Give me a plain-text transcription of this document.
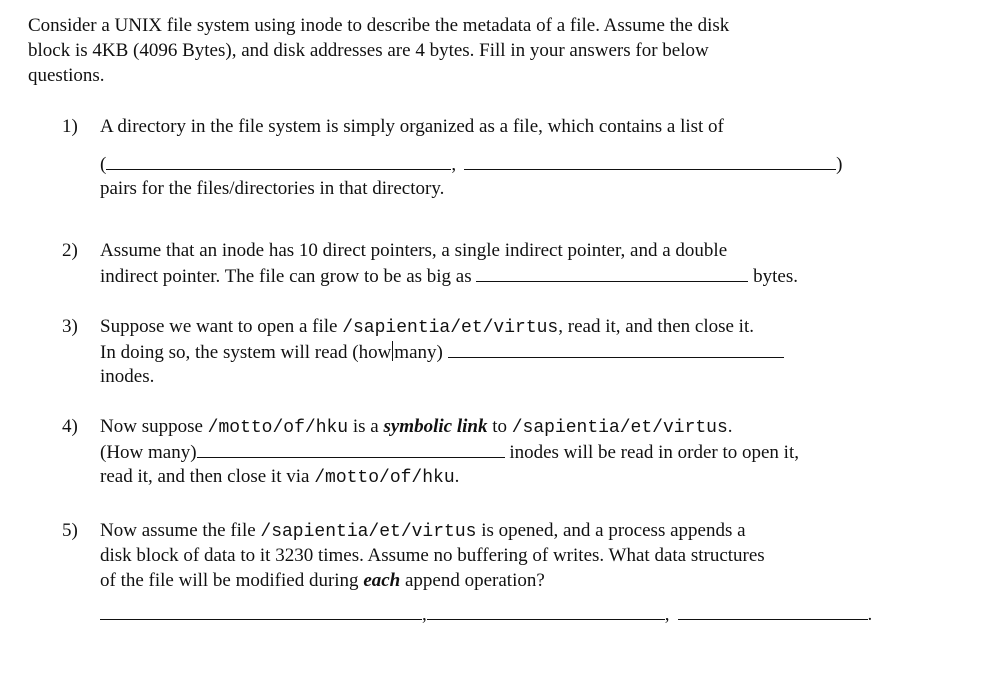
Consider a UNIX file system using inode to describe the metadata of a file. Assume the disk
block is 4KB (4096 Bytes), and disk addresses are 4 bytes. Fill in your answers for below
questions.
1) A directory in the file system is simply organized as a file, which contains a list of
(	,	)
pairs for the files/directories in that directory.
2) Assume that an inode has 10 direct pointers, a single indirect pointer, and a double
indirect pointer. The file can grow to be as big as	bytes.
3) Suppose we want to open a file /sapientia/et/virtus, read it, and then close it.
In doing so, the system will read (how many)
inodes.
4) Now suppose /motto/of/hku is a symbolic link to /sapientia/et/virtus.
(How many)	inodes will be read in order to open it,
read it, and then close it via /motto/of/hku.
5) Now assume the file /sapientia/et/virtus is opened, and a process appends a
disk block of data to it 3230 times. Assume no buffering of writes. What data structures
of the file will be modified during each append operation?
,	,	.
